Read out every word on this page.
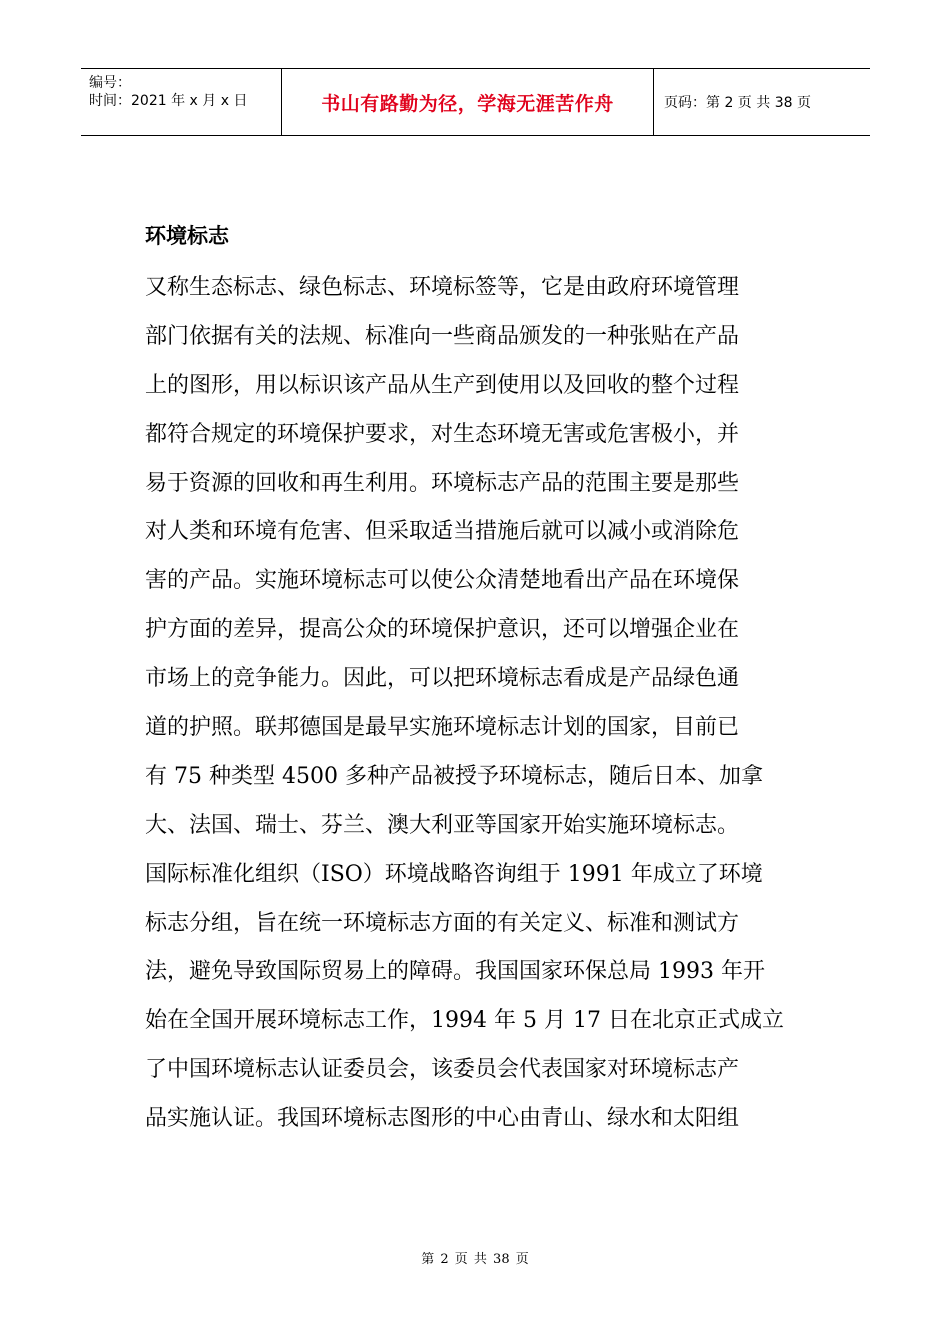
编号：
时间：2021 年 x 月 x 日	书山有路勤为径，学海无涯苦作舟	页码：第 2 页 共 38 页
环境标志
又称生态标志、绿色标志、环境标签等，它是由政府环境管理
部门依据有关的法规、标准向一些商品颁发的一种张贴在产品
上的图形，用以标识该产品从生产到使用以及回收的整个过程
都符合规定的环境保护要求，对生态环境无害或危害极小，并
易于资源的回收和再生利用。环境标志产品的范围主要是那些
对人类和环境有危害、但采取适当措施后就可以减小或消除危
害的产品。实施环境标志可以使公众清楚地看出产品在环境保
护方面的差异，提高公众的环境保护意识，还可以增强企业在
市场上的竞争能力。因此，可以把环境标志看成是产品绿色通
道的护照。联邦德国是最早实施环境标志计划的国家，目前已
有 75 种类型 4500 多种产品被授予环境标志，随后日本、加拿
大、法国、瑞士、芬兰、澳大利亚等国家开始实施环境标志。
国际标准化组织（ISO）环境战略咨询组于 1991 年成立了环境
标志分组，旨在统一环境标志方面的有关定义、标准和测试方
法，避免导致国际贸易上的障碍。我国国家环保总局 1993 年开
始在全国开展环境标志工作，1994 年 5 月 17 日在北京正式成立
了中国环境标志认证委员会，该委员会代表国家对环境标志产
品实施认证。我国环境标志图形的中心由青山、绿水和太阳组
第 2 页 共 38 页
